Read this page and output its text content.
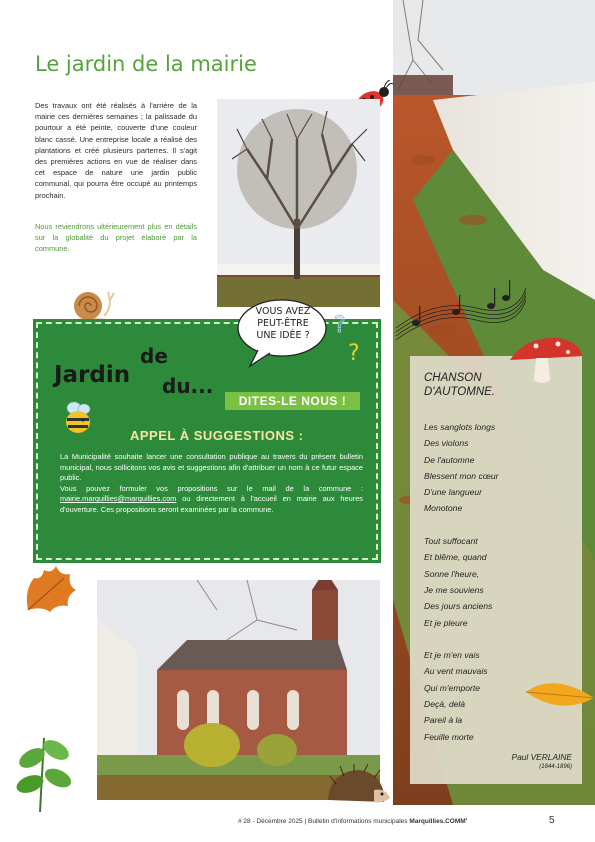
Le jardin de la mairie
Des travaux ont été réalisés à l'arrière de la mairie ces dernières semaines ; la palissade du pourtour a été peinte, couverte d'une couleur blanc cassé. Une entreprise locale a réalisé des plantations et créé plusieurs parterres. Il s'agit des premières actions en vue de réaliser dans cet espace de nature une jardin public communal, qui pourra être occupé au printemps prochain.
Nous reviendrons ultérieurement plus en détails sur la globalité du projet élaboré par la commune.
VOUS AVEZ PEUT-ÊTRE UNE IDÉE ?	?
?
Jardin
de
du...
DITES-LE NOUS !
APPEL À SUGGESTIONS :
La Municipalité souhaite lancer une consultation publique au travers du présent bulletin municipal, nous sollicitons vos avis et suggestions afin d'attribuer un nom à ce futur espace public.
Vous pouvez formuler vos propositions sur le mail de la commune : mairie.marquillies@marquillies.com ou directement à l'accueil en mairie aux heures d'ouverture. Ces propositions seront examinées par la commune.
CHANSON
D'AUTOMNE.
Les sanglots longs
Des violons
De l'automne
Blessent mon cœur
D'une langueur
Monotone

Tout suffocant
Et blême, quand
Sonne l'heure,
Je me souviens
Des jours anciens
Et je pleure

Et je m'en vais
Au vent mauvais
Qui m'emporte
Deçà, delà
Pareil à la
Feuille morte
Paul VERLAINE
(1844-1896)
# 28 - Décembre 2025 | Bulletin d'informations municipales Marquillies.COMM'	5
